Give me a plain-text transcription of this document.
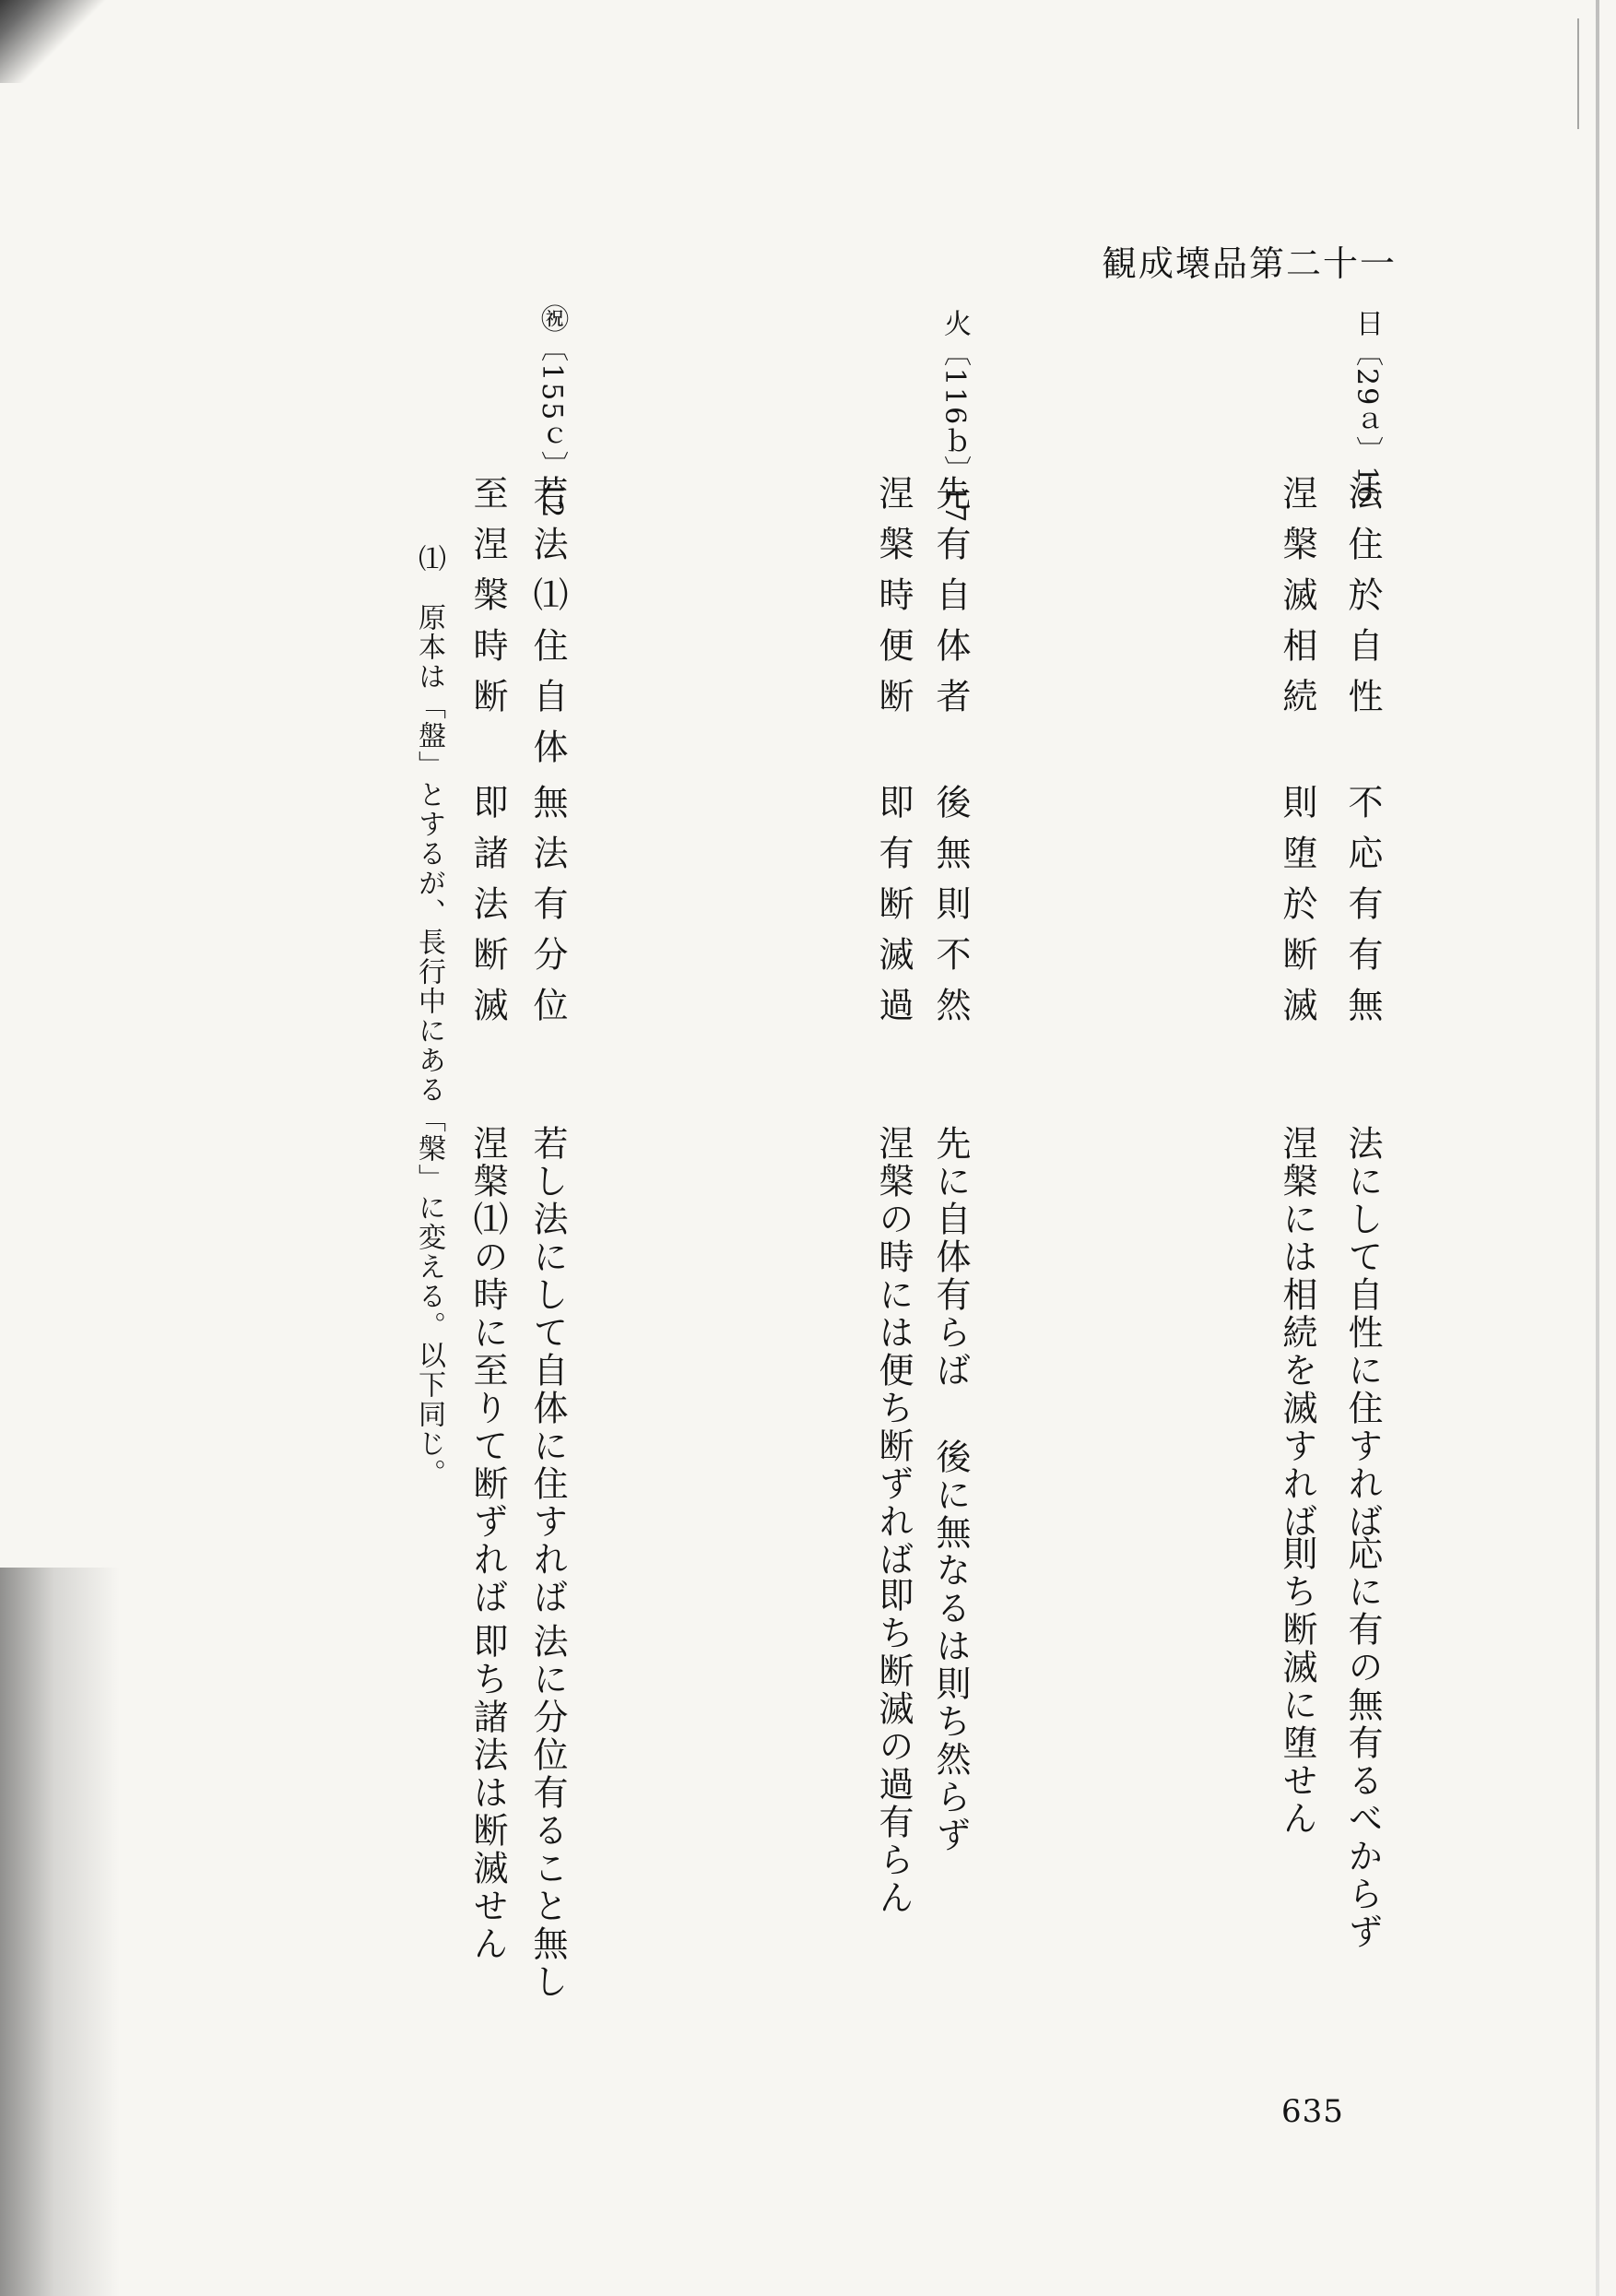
観成壊品第二十一
⽇〔29ａ〕16
法住於自性
不応有有無
涅槃滅相続
則堕於断滅
法にして自性に住すれば
応に有の無有るべからず
涅槃には相続を滅すれば
則ち断滅に堕せん
⽕〔116ｂ〕17
先有自体者
後無則不然
涅槃時便断
即有断滅過
先に自体有らば
後に無なるは則ち然らず
涅槃の時には便ち断ずれば
即ち断滅の過有らん
㊗〔155ｃ〕12
若法⑴住自体
無法有分位
至涅槃時断
即諸法断滅
若し法にして自体に住すれば
法に分位有ること無し
涅槃⑴の時に至りて断ずれば
即ち諸法は断滅せん
⑴　原本は「盤」とするが、長行中にある「槃」に変える。以下同じ。
635
